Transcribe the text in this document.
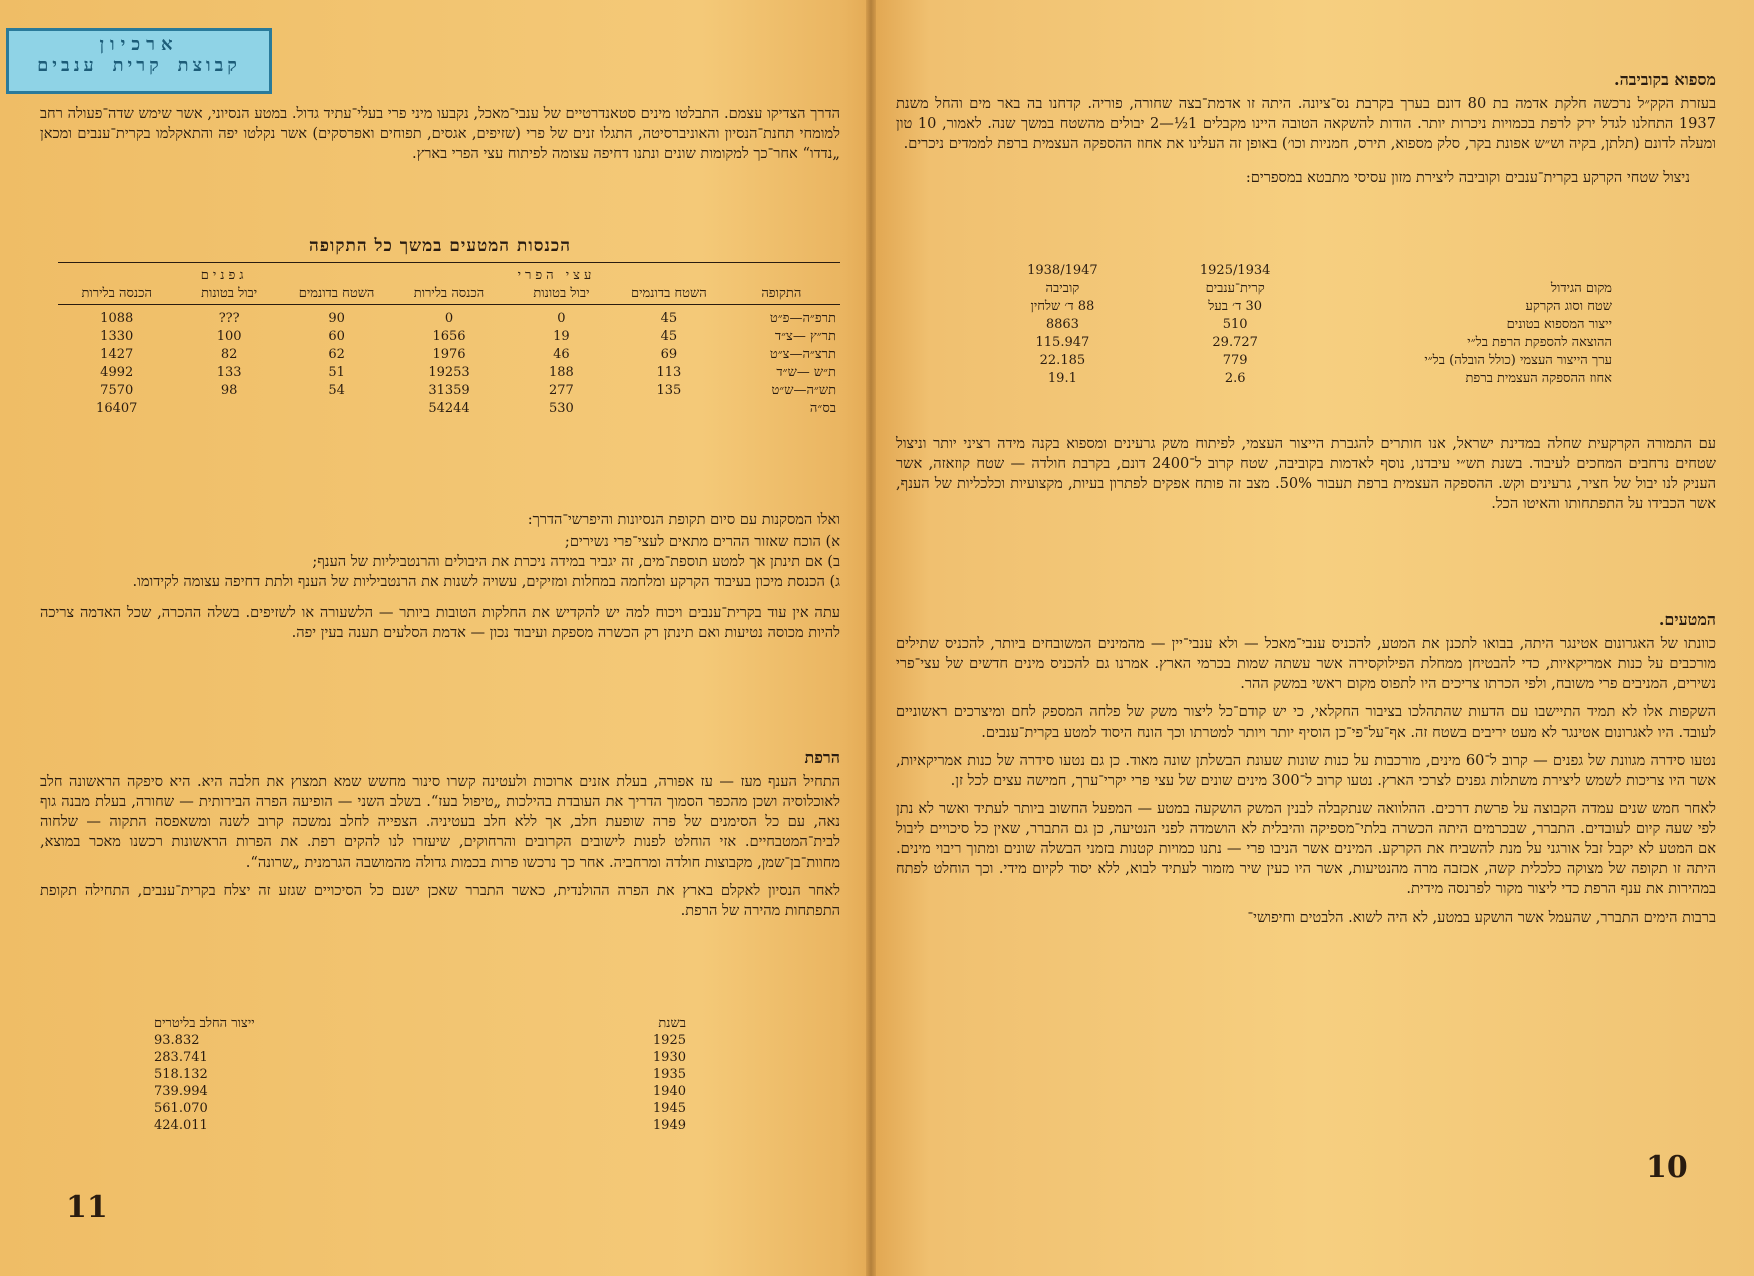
ארכיון
קבוצת קרית ענבים

הדרך הצדיקו עצמם. התבלטו מינים סטאנדרטיים של ענבי־מאכל, נקבעו מיני פרי בעלי־עתיד גדול. במטע הנסיוני, אשר שימש שדה־פעולה רחב למומחי תחנת־הנסיון והאוניברסיטה, התגלו זנים של פרי (שזיפים, אגסים, תפוחים ואפרסקים) אשר נקלטו יפה והתאקלמו בקרית־ענבים ומכאן „נדדו“ אחר־כך למקומות שונים ונתנו דחיפה עצומה לפיתוח עצי הפרי בארץ.

הכנסות המטעים במשך כל התקופה
	עצי הפרי			גפנים		
התקופה	השטח בדונמים	יבול בטונות	הכנסה בלירות	השטח בדונמים	יבול בטונות	הכנסה בלירות

תרפ״ה—פ״ט	45	0	0	90	???	1088
תר״ץ —צ״ד	45	19	1656	60	100	1330
תרצ״ה—צ״ט	69	46	1976	62	82	1427
ת״ש —ש״ד	113	188	19253	51	133	4992
תש״ה—ש״ט	135	277	31359	54	98	7570
בס״ה		530	54244			16407

ואלו המסקנות עם סיום תקופת הנסיונות והיפרשי־הדרך:

א) הוכח שאזור ההרים מתאים לעצי־פרי נשירים;
ב) אם תינתן אך למטע תוספת־מים, זה יגביר במידה ניכרת את היבולים והרנטביליות של הענף;
ג) הכנסת מיכון בעיבוד הקרקע ומלחמה במחלות ומזיקים, עשויה לשנות את הרנטביליות של הענף ולתת דחיפה עצומה לקידומו.

עתה אין עוד בקרית־ענבים ויכוח למה יש להקדיש את החלקות הטובות ביותר — הלשעורה או לשזיפים. בשלה ההכרה, שכל האדמה צריכה להיות מכוסה נטיעות ואם תינתן רק הכשרה מספקת ועיבוד נכון — אדמת הסלעים תענה בעין יפה.

הרפת

התחיל הענף מעז — עז אפורה, בעלת אזנים ארוכות ולעטינה קשרו סינור מחשש שמא תמצוץ את חלבה היא. היא סיפקה הראשונה חלב לאוכלוסיה ושכן מהכפר הסמוך הדריך את העובדת בהילכות „טיפול בעז“. בשלב השני — הופיעה הפרה הבירותית — שחורה, בעלת מבנה גוף נאה, עם כל הסימנים של פרה שופעת חלב, אך ללא חלב בעטיניה. הצפייה לחלב נמשכה קרוב לשנה ומשאפסה התקוה — שלחוה לבית־המטבחיים. אזי הוחלט לפנות לישובים הקרובים והרחוקים, שיעזרו לנו להקים רפת. את הפרות הראשונות רכשנו מאכר במוצא, מחוות־בן־שמן, מקבוצות חולדה ומרחביה. אחר כך נרכשו פרות בכמות גדולה מהמושבה הגרמנית „שרונה“.

לאחר הנסיון לאקלם בארץ את הפרה ההולנדית, כאשר התברר שאכן ישנם כל הסיכויים שגזע זה יצלח בקרית־ענבים, התחילה תקופת התפתחות מהירה של הרפת.

בשנת	ייצור החלב בליטרים
1925	93.832
1930	283.741
1935	518.132
1940	739.994
1945	561.070
1949	424.011
11
מספוא בקוביבה.

בעזרת הקק״ל נרכשה חלקת אדמה בת 80 דונם בערך בקרבת נס־ציונה. היתה זו אדמת־בצה שחורה, פוריה. קדחנו בה באר מים והחל משנת 1937 התחלנו לגדל ירק לרפת בכמויות ניכרות יותר. הודות להשקאה הטובה היינו מקבלים 1½—2 יבולים מהשטח במשך שנה. לאמור, 10 טון ומעלה לדונם (תלתן, בקיה וש״ש אפונת בקר, סלק מספוא, תירס, חמניות וכו׳) באופן זה העלינו את אחוז ההספקה העצמית ברפת לממדים ניכרים.

ניצול שטחי הקרקע בקרית־ענבים וקוביבה ליצירת מזון עסיסי מתבטא במספרים:

	1925/1934	1938/1947
מקום הגידול	קרית־ענבים	קוביבה
שטח וסוג הקרקע	30 ד׳ בעל	88 ד׳ שלחין
ייצור המספוא בטונים	510	8863
ההוצאה להספקת הרפת בל״י	29.727	115.947
ערך הייצור העצמי (כולל הובלה) בל״י	779	22.185
אחוז ההספקה העצמית ברפת	2.6	19.1

עם התמורה הקרקעית שחלה במדינת ישראל, אנו חותרים להגברת הייצור העצמי, לפיתוח משק גרעינים ומספוא בקנה מידה רציני יותר וניצול שטחים נרחבים המחכים לעיבוד. בשנת תש״י עיבדנו, נוסף לאדמות בקוביבה, שטח קרוב ל־2400 דונם, בקרבת חולדה — שטח קוזאזה, אשר העניק לנו יבול של חציר, גרעינים וקש. ההספקה העצמית ברפת תעבור 50%. מצב זה פותח אפקים לפתרון בעיות, מקצועיות וכלכליות של הענף, אשר הכבידו על התפתחותו והאיטו הכל.

המטעים.

כוונתו של האגרונום אטינגר היתה, בבואו לתכנן את המטע, להכניס ענבי־מאכל — ולא ענבי־יין — מהמינים המשובחים ביותר, להכניס שתילים מורכבים על כנות אמריקאיות, כדי להבטיחן ממחלת הפילוקסירה אשר עשתה שמות בכרמי הארץ. אמרנו גם להכניס מינים חדשים של עצי־פרי נשירים, המניבים פרי משובח, ולפי הכרתו צריכים היו לתפוס מקום ראשי במשק ההר.

השקפות אלו לא תמיד התיישבו עם הדעות שהתהלכו בציבור החקלאי, כי יש קודם־כל ליצור משק של פלחה המספק לחם ומיצרכים ראשוניים לעובד. היו לאגרונום אטינגר לא מעט יריבים בשטח זה. אף־על־פי־כן הוסיף יותר ויותר למטרתו וכך הונח היסוד למטע בקרית־ענבים.

נטעו סידרה מגוונת של גפנים — קרוב ל־60 מינים, מורכבות על כנות שונות שעונת הבשלתן שונה מאוד. כן גם נטעו סידרה של כנות אמריקאיות, אשר היו צריכות לשמש ליצירת משתלות גפנים לצרכי הארץ. נטעו קרוב ל־300 מינים שונים של עצי פרי יקרי־ערך, חמישה עצים לכל זן.

לאחר חמש שנים עמדה הקבוצה על פרשת דרכים. ההלוואה שנתקבלה לבנין המשק הושקעה במטע — המפעל החשוב ביותר לעתיד ואשר לא נתן לפי שעה קיום לעובדים. התברר, שבכרמים היתה הכשרה בלתי־מספיקה והיבלית לא הושמדה לפני הנטיעה, כן גם התברר, שאין כל סיכויים ליבול אם המטע לא יקבל זבל אורגני על מנת להשביח את הקרקע. המינים אשר הניבו פרי — נתנו כמויות קטנות בזמני הבשלה שונים ומתוך ריבוי מינים. היתה זו תקופה של מצוקה כלכלית קשה, אכזבה מרה מהנטיעות, אשר היו כעין שיר מזמור לעתיד לבוא, ללא יסוד לקיום מידי. וכך הוחלט לפתח במהירות את ענף הרפת כדי ליצור מקור לפרנסה מידית.

ברבות הימים התברר, שהעמל אשר הושקע במטע, לא היה לשוא. הלבטים וחיפושי־

10
